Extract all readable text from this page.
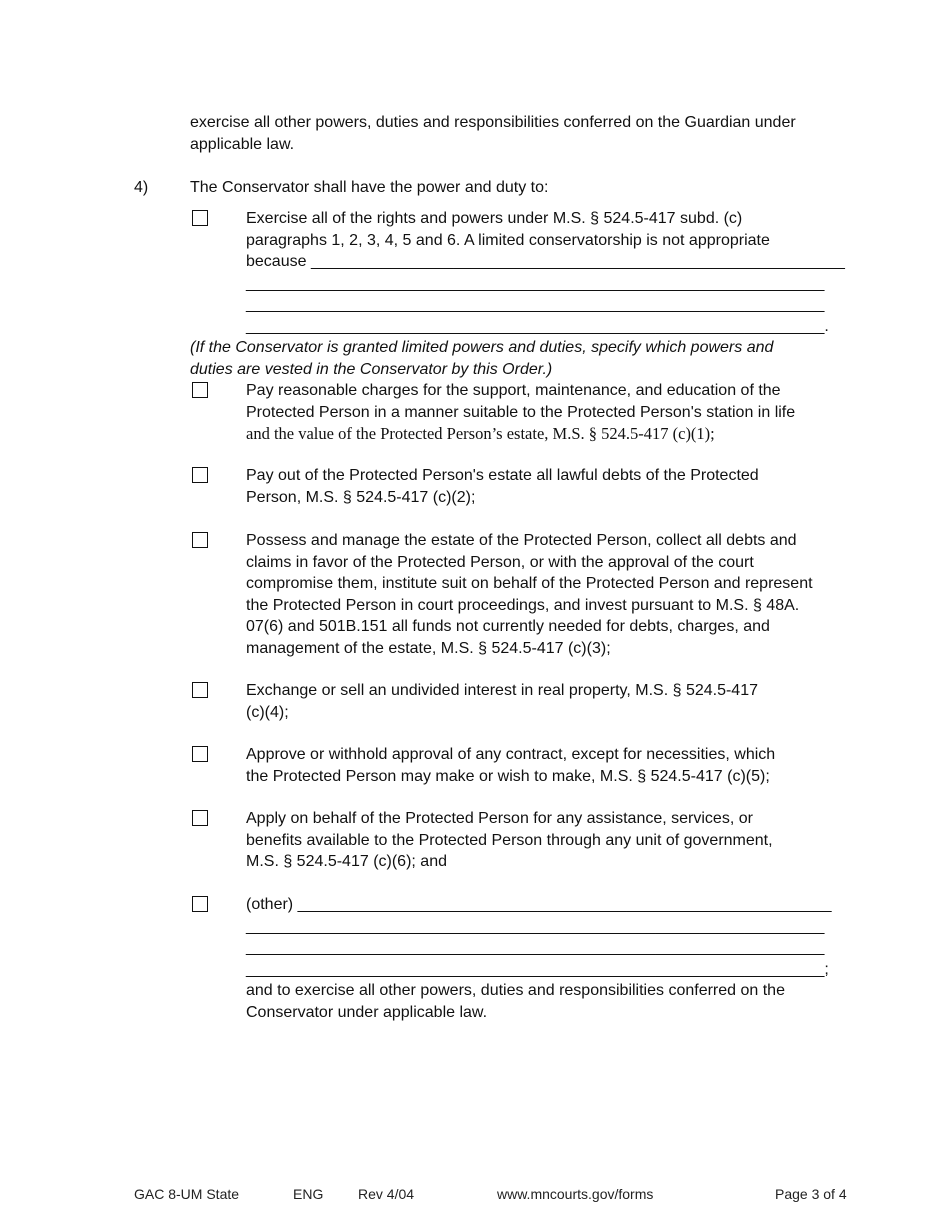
exercise all other powers, duties and responsibilities conferred on the Guardian under
applicable law.
4)	The Conservator shall have the power and duty to:
Exercise all of the rights and powers under M.S. § 524.5-417 subd. (c)
paragraphs 1, 2, 3, 4, 5 and 6. A limited conservatorship is not appropriate
because ____________________________________________________________
_________________________________________________________________
_________________________________________________________________
_________________________________________________________________.
(If the Conservator is granted limited powers and duties, specify which powers and
duties are vested in the Conservator by this Order.)
Pay reasonable charges for the support, maintenance, and education of the
Protected Person in a manner suitable to the Protected Person's station in life
and the value of the Protected Person’s estate, M.S. § 524.5-417 (c)(1);
Pay out of the Protected Person's estate all lawful debts of the Protected
Person, M.S. § 524.5-417 (c)(2);
Possess and manage the estate of the Protected Person, collect all debts and
claims in favor of the Protected Person, or with the approval of the court
compromise them, institute suit on behalf of the Protected Person and represent
the Protected Person in court proceedings, and invest pursuant to M.S. § 48A.
07(6) and 501B.151 all funds not currently needed for debts, charges, and
management of the estate, M.S. § 524.5-417 (c)(3);
Exchange or sell an undivided interest in real property, M.S. § 524.5-417
(c)(4);
Approve or withhold approval of any contract, except for necessities, which
the Protected Person may make or wish to make, M.S. § 524.5-417 (c)(5);
Apply on behalf of the Protected Person for any assistance, services, or
benefits available to the Protected Person through any unit of government,
M.S. § 524.5-417 (c)(6); and
(other) ____________________________________________________________
_________________________________________________________________
_________________________________________________________________
_________________________________________________________________;
and to exercise all other powers, duties and responsibilities conferred on the
Conservator under applicable law.
GAC 8-UM State	ENG Rev 4/04	www.mncourts.gov/forms	Page 3 of 4
